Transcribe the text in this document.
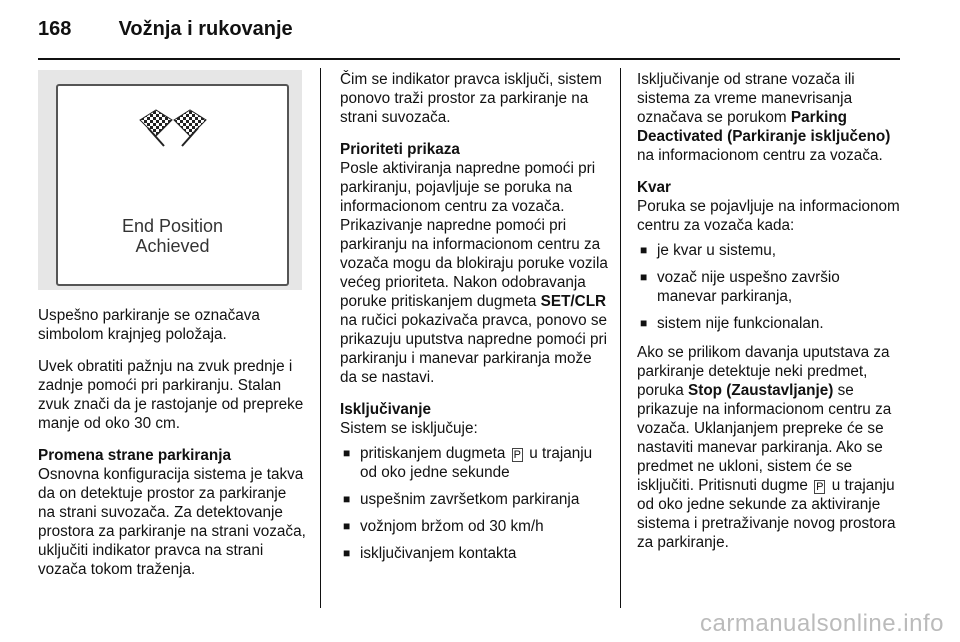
168 Vožnja i rukovanje
End Position
Achieved

Uspešno parkiranje se označava simbolom krajnjeg položaja.

Uvek obratiti pažnju na zvuk prednje i zadnje pomoći pri parkiranju. Stalan zvuk znači da je rastojanje od prepreke manje od oko 30 cm.

Promena strane parkiranja

Osnovna konfiguracija sistema je takva da on detektuje prostor za parkiranje na strani suvozača. Za detektovanje prostora za parkiranje na strani vozača, uključiti indikator pravca na strani vozača tokom traženja.

Čim se indikator pravca isključi, sistem ponovo traži prostor za parkiranje na strani suvozača.

Prioriteti prikaza

Posle aktiviranja napredne pomoći pri parkiranju, pojavljuje se poruka na informacionom centru za vozača. Prikazivanje napredne pomoći pri parkiranju na informacionom centru za vozača mogu da blokiraju poruke vozila većeg prioriteta. Nakon odobravanja poruke pritiskanjem dugmeta SET/CLR na ručici pokazivača pravca, ponovo se prikazuju uputstva napredne pomoći pri parkiranju i manevar parkiranja može da se nastavi.

Isključivanje
Sistem se isključuje:
■ pritiskanjem dugmeta P u trajanju od oko jedne sekunde
■ uspešnim završetkom parkiranja
■ vožnjom bržom od 30 km/h
■ isključivanjem kontakta

Isključivanje od strane vozača ili sistema za vreme manevrisanja označava se porukom Parking Deactivated (Parkiranje isključeno) na informacionom centru za vozača.

Kvar
Poruka se pojavljuje na informacionom centru za vozača kada:
■ je kvar u sistemu,
■ vozač nije uspešno završio manevar parkiranja,
■ sistem nije funkcionalan.

Ako se prilikom davanja uputstava za parkiranje detektuje neki predmet, poruka Stop (Zaustavljanje) se prikazuje na informacionom centru za vozača. Uklanjanjem prepreke će se nastaviti manevar parkiranja. Ako se predmet ne ukloni, sistem će se isključiti. Pritisnuti dugme P u trajanju od oko jedne sekunde za aktiviranje sistema i pretraživanje novog prostora za parkiranje.

carmanualsonline.info
